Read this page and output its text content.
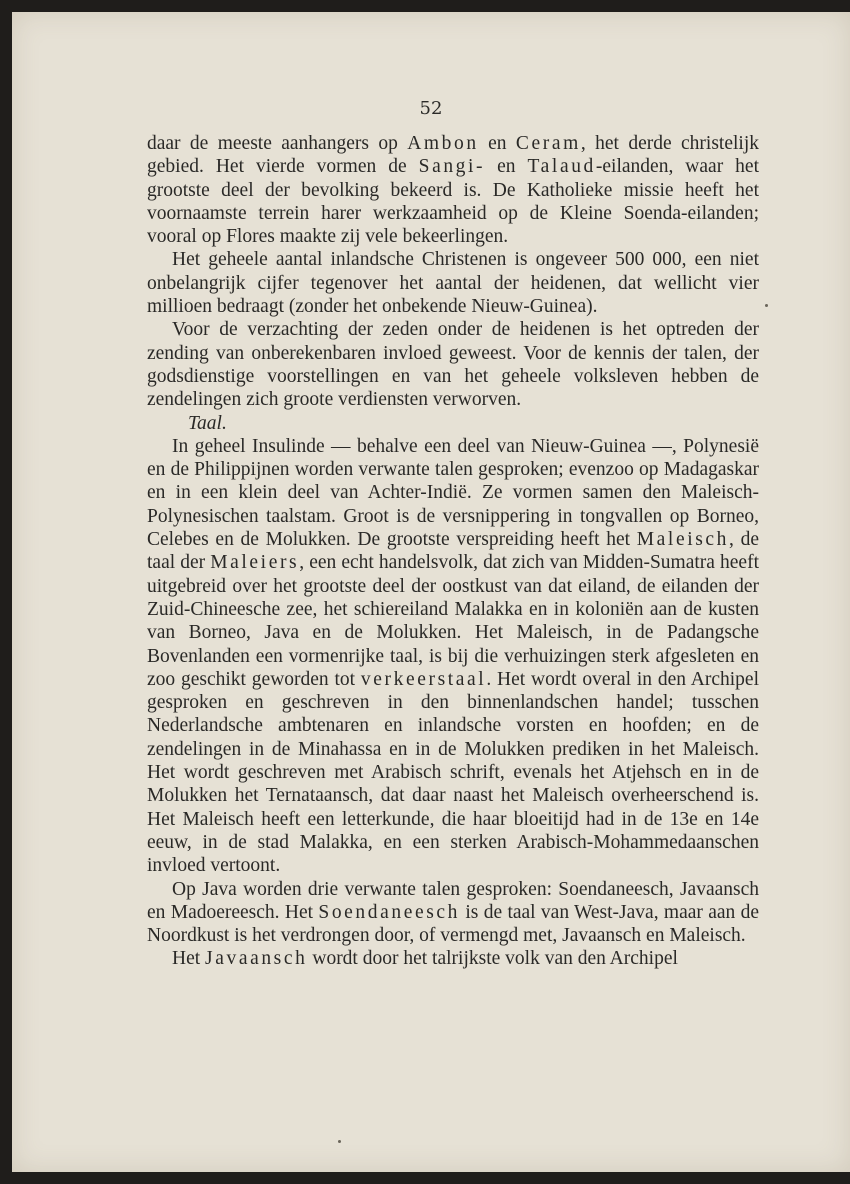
52

daar de meeste aanhangers op Ambon en Ceram, het derde christelijk gebied. Het vierde vormen de Sangi- en Talaud-eilanden, waar het grootste deel der bevolking bekeerd is. De Katholieke missie heeft het voornaamste terrein harer werkzaamheid op de Kleine Soenda-eilanden; vooral op Flores maakte zij vele bekeerlingen.

Het geheele aantal inlandsche Christenen is ongeveer 500 000, een niet onbelangrijk cijfer tegenover het aantal der heidenen, dat wellicht vier millioen bedraagt (zonder het onbekende Nieuw-Guinea).

Voor de verzachting der zeden onder de heidenen is het optreden der zending van onberekenbaren invloed geweest. Voor de kennis der talen, der godsdienstige voorstellingen en van het geheele volksleven hebben de zendelingen zich groote verdiensten verworven.

Taal.

In geheel Insulinde — behalve een deel van Nieuw-Guinea —, Polynesië en de Philippijnen worden verwante talen gesproken; evenzoo op Madagaskar en in een klein deel van Achter-Indië. Ze vormen samen den Maleisch-Polynesischen taalstam. Groot is de versnippering in tongvallen op Borneo, Celebes en de Molukken. De grootste verspreiding heeft het Maleisch, de taal der Maleiers, een echt handelsvolk, dat zich van Midden-Sumatra heeft uitgebreid over het grootste deel der oostkust van dat eiland, de eilanden der Zuid-Chineesche zee, het schiereiland Malakka en in koloniën aan de kusten van Borneo, Java en de Molukken. Het Maleisch, in de Padangsche Bovenlanden een vormenrijke taal, is bij die verhuizingen sterk afgesleten en zoo geschikt geworden tot verkeerstaal. Het wordt overal in den Archipel gesproken en geschreven in den binnenlandschen handel; tusschen Nederlandsche ambtenaren en inlandsche vorsten en hoofden; en de zendelingen in de Minahassa en in de Molukken prediken in het Maleisch. Het wordt geschreven met Arabisch schrift, evenals het Atjehsch en in de Molukken het Ternataansch, dat daar naast het Maleisch overheerschend is. Het Maleisch heeft een letterkunde, die haar bloeitijd had in de 13e en 14e eeuw, in de stad Malakka, en een sterken Arabisch-Mohammedaanschen invloed vertoont.

Op Java worden drie verwante talen gesproken: Soendaneesch, Javaansch en Madoereesch. Het Soendaneesch is de taal van West-Java, maar aan de Noordkust is het verdrongen door, of vermengd met, Javaansch en Maleisch.

Het Javaansch wordt door het talrijkste volk van den Archipel
